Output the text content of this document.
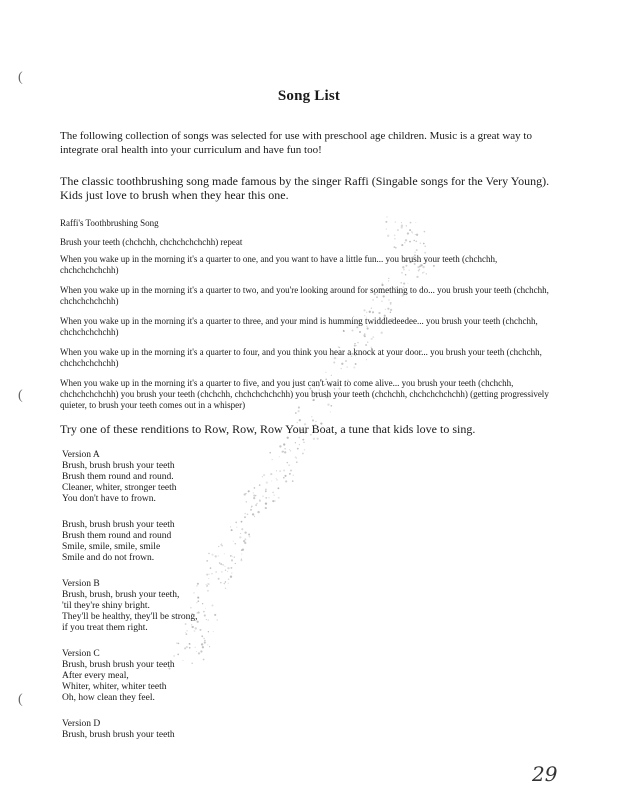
(
(
(
Song List
The following collection of songs was selected for use with preschool age children. Music is a great way to integrate oral health into your curriculum and have fun too!
The classic toothbrushing song made famous by the singer Raffi (Singable songs for the Very Young). Kids just love to brush when they hear this one.
Raffi's Toothbrushing Song
Brush your teeth (chchchh, chchchchchchh) repeat
When you wake up in the morning it's a quarter to one, and you want to have a little fun... you brush your teeth (chchchh, chchchchchchh)
When you wake up in the morning it's a quarter to two, and you're looking around for something to do... you brush your teeth (chchchh, chchchchchchh)
When you wake up in the morning it's a quarter to three, and your mind is humming twiddledeedee... you brush your teeth (chchchh, chchchchchchh)
When you wake up in the morning it's a quarter to four, and you think you hear a knock at your door... you brush your teeth (chchchh, chchchchchchh)
When you wake up in the morning it's a quarter to five, and you just can't wait to come alive... you brush your teeth (chchchh, chchchchchchh) you brush your teeth (chchchh, chchchchchchh) you brush your teeth (chchchh, chchchchchchh) (getting progressively quieter, to brush your teeth comes out in a whisper)
Try one of these renditions to Row, Row, Row Your Boat, a tune that kids love to sing.
Version A
Brush, brush brush your teeth
Brush them round and round.
Cleaner, whiter, stronger teeth
You don't have to frown.
Brush, brush brush your teeth
Brush them round and round
Smile, smile, smile, smile
Smile and do not frown.
Version B
Brush, brush, brush your teeth,
'til they're shiny bright.
They'll be healthy, they'll be strong,
if you treat them right.
Version C
Brush, brush brush your teeth
After every meal,
Whiter, whiter, whiter teeth
Oh, how clean they feel.
Version D
Brush, brush brush your teeth
29
